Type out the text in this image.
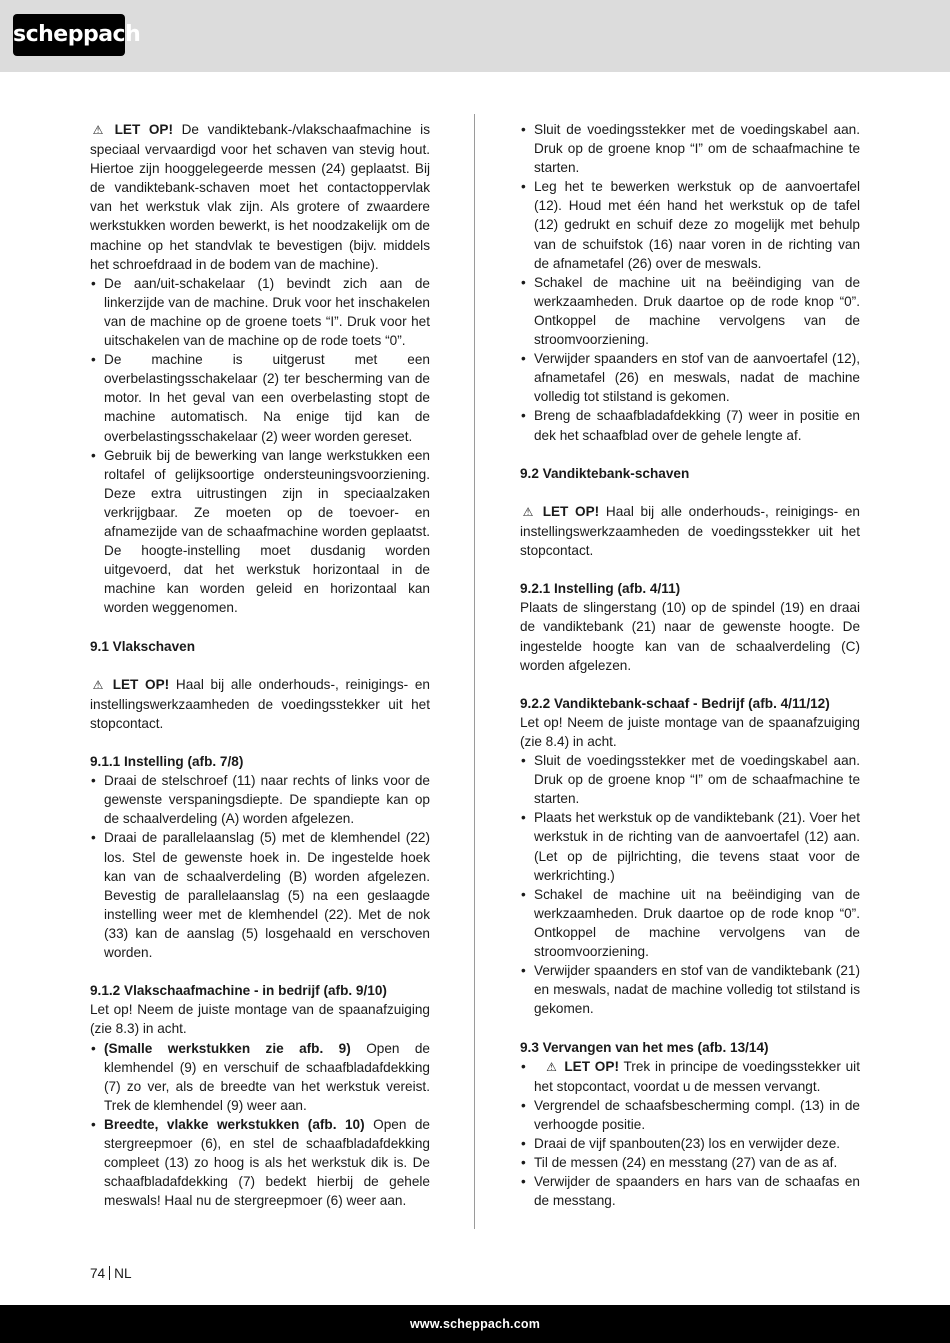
scheppach

⚠ LET OP! De vandiktebank-/vlakschaafmachine is speciaal vervaardigd voor het schaven van stevig hout. Hiertoe zijn hooggelegeerde messen (24) geplaatst. Bij de vandiktebank-schaven moet het contactoppervlak van het werkstuk vlak zijn. Als grotere of zwaardere werkstukken worden bewerkt, is het noodzakelijk om de machine op het standvlak te bevestigen (bijv. middels het schroefdraad in de bodem van de machine).

• De aan/uit-schakelaar (1) bevindt zich aan de linkerzijde van de machine. Druk voor het inschakelen van de machine op de groene toets “I”. Druk voor het uitschakelen van de machine op de rode toets “0”.
• De machine is uitgerust met een overbelastingsschakelaar (2) ter bescherming van de motor. In het geval van een overbelasting stopt de machine automatisch. Na enige tijd kan de overbelastingsschakelaar (2) weer worden gereset.
• Gebruik bij de bewerking van lange werkstukken een roltafel of gelijksoortige ondersteuningsvoorziening. Deze extra uitrustingen zijn in speciaalzaken verkrijgbaar. Ze moeten op de toevoer- en afnamezijde van de schaafmachine worden geplaatst. De hoogte-instelling moet dusdanig worden uitgevoerd, dat het werkstuk horizontaal in de machine kan worden geleid en horizontaal kan worden weggenomen.

9.1 Vlakschaven

⚠ LET OP! Haal bij alle onderhouds-, reinigings- en instellingswerkzaamheden de voedingsstekker uit het stopcontact.

9.1.1 Instelling (afb. 7/8)

• Draai de stelschroef (11) naar rechts of links voor de gewenste verspaningsdiepte. De spandiepte kan op de schaalverdeling (A) worden afgelezen.
• Draai de parallelaanslag (5) met de klemhendel (22) los. Stel de gewenste hoek in. De ingestelde hoek kan van de schaalverdeling (B) worden afgelezen. Bevestig de parallelaanslag (5) na een geslaagde instelling weer met de klemhendel (22). Met de nok (33) kan de aanslag (5) losgehaald en verschoven worden.

9.1.2 Vlakschaafmachine - in bedrijf (afb. 9/10)

Let op! Neem de juiste montage van de spaanafzuiging (zie 8.3) in acht.

• (Smalle werkstukken zie afb. 9) Open de klemhendel (9) en verschuif de schaafbladafdekking (7) zo ver, als de breedte van het werkstuk vereist. Trek de klemhendel (9) weer aan.
• Breedte, vlakke werkstukken (afb. 10) Open de stergreepmoer (6), en stel de schaafbladafdekking compleet (13) zo hoog is als het werkstuk dik is. De schaafbladafdekking (7) bedekt hierbij de gehele meswals! Haal nu de stergreepmoer (6) weer aan.
• Sluit de voedingsstekker met de voedingskabel aan. Druk op de groene knop “I” om de schaafmachine te starten.
• Leg het te bewerken werkstuk op de aanvoertafel (12). Houd met één hand het werkstuk op de tafel (12) gedrukt en schuif deze zo mogelijk met behulp van de schuifstok (16) naar voren in de richting van de afnametafel (26) over de meswals.
• Schakel de machine uit na beëindiging van de werkzaamheden. Druk daartoe op de rode knop “0”. Ontkoppel de machine vervolgens van de stroomvoorziening.
• Verwijder spaanders en stof van de aanvoertafel (12), afnametafel (26) en meswals, nadat de machine volledig tot stilstand is gekomen.
• Breng de schaafbladafdekking (7) weer in positie en dek het schaafblad over de gehele lengte af.

9.2 Vandiktebank-schaven

⚠ LET OP! Haal bij alle onderhouds-, reinigings- en instellingswerkzaamheden de voedingsstekker uit het stopcontact.

9.2.1 Instelling (afb. 4/11)

Plaats de slingerstang (10) op de spindel (19) en draai de vandiktebank (21) naar de gewenste hoogte. De ingestelde hoogte kan van de schaalverdeling (C) worden afgelezen.

9.2.2 Vandiktebank-schaaf - Bedrijf (afb. 4/11/12)

Let op! Neem de juiste montage van de spaanafzuiging (zie 8.4) in acht.

• Sluit de voedingsstekker met de voedingskabel aan. Druk op de groene knop “I” om de schaafmachine te starten.
• Plaats het werkstuk op de vandiktebank (21). Voer het werkstuk in de richting van de aanvoertafel (12) aan. (Let op de pijlrichting, die tevens staat voor de werkrichting.)
• Schakel de machine uit na beëindiging van de werkzaamheden. Druk daartoe op de rode knop “0”. Ontkoppel de machine vervolgens van de stroomvoorziening.
• Verwijder spaanders en stof van de vandiktebank (21) en meswals, nadat de machine volledig tot stilstand is gekomen.

9.3 Vervangen van het mes (afb. 13/14)

• ⚠ LET OP! Trek in principe de voedingsstekker uit het stopcontact, voordat u de messen vervangt.
• Vergrendel de schaafsbescherming compl. (13) in de verhoogde positie.
• Draai de vijf spanbouten(23) los en verwijder deze.
• Til de messen (24) en messtang (27) van de as af.
• Verwijder de spaanders en hars van de schaafas en de messtang.
74 NL
www.scheppach.com
